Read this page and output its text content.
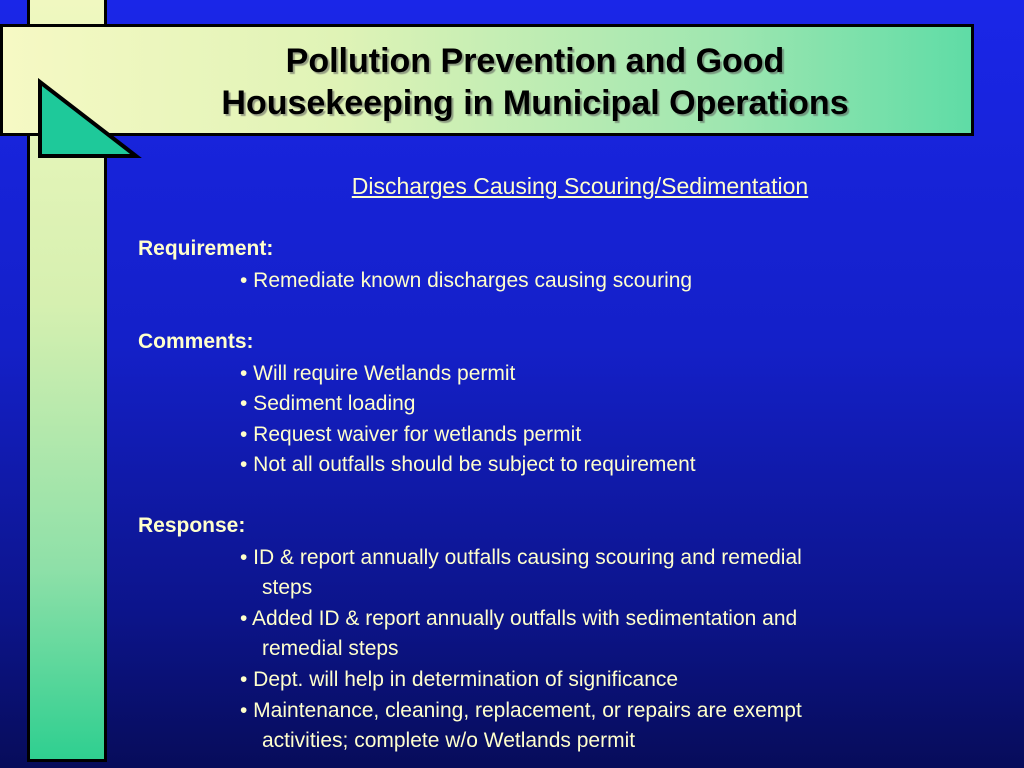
Pollution Prevention and Good
Housekeeping in Municipal Operations
Discharges Causing Scouring/Sedimentation
Requirement:
• Remediate known discharges causing scouring
Comments:
• Will require Wetlands permit
• Sediment loading
• Request waiver for wetlands permit
• Not all outfalls should be subject to requirement
Response:
• ID & report annually outfalls causing scouring and remedial
steps
• Added ID & report annually outfalls with sedimentation and
remedial steps
• Dept. will help in determination of significance
• Maintenance, cleaning, replacement, or repairs are exempt
activities; complete w/o Wetlands permit
